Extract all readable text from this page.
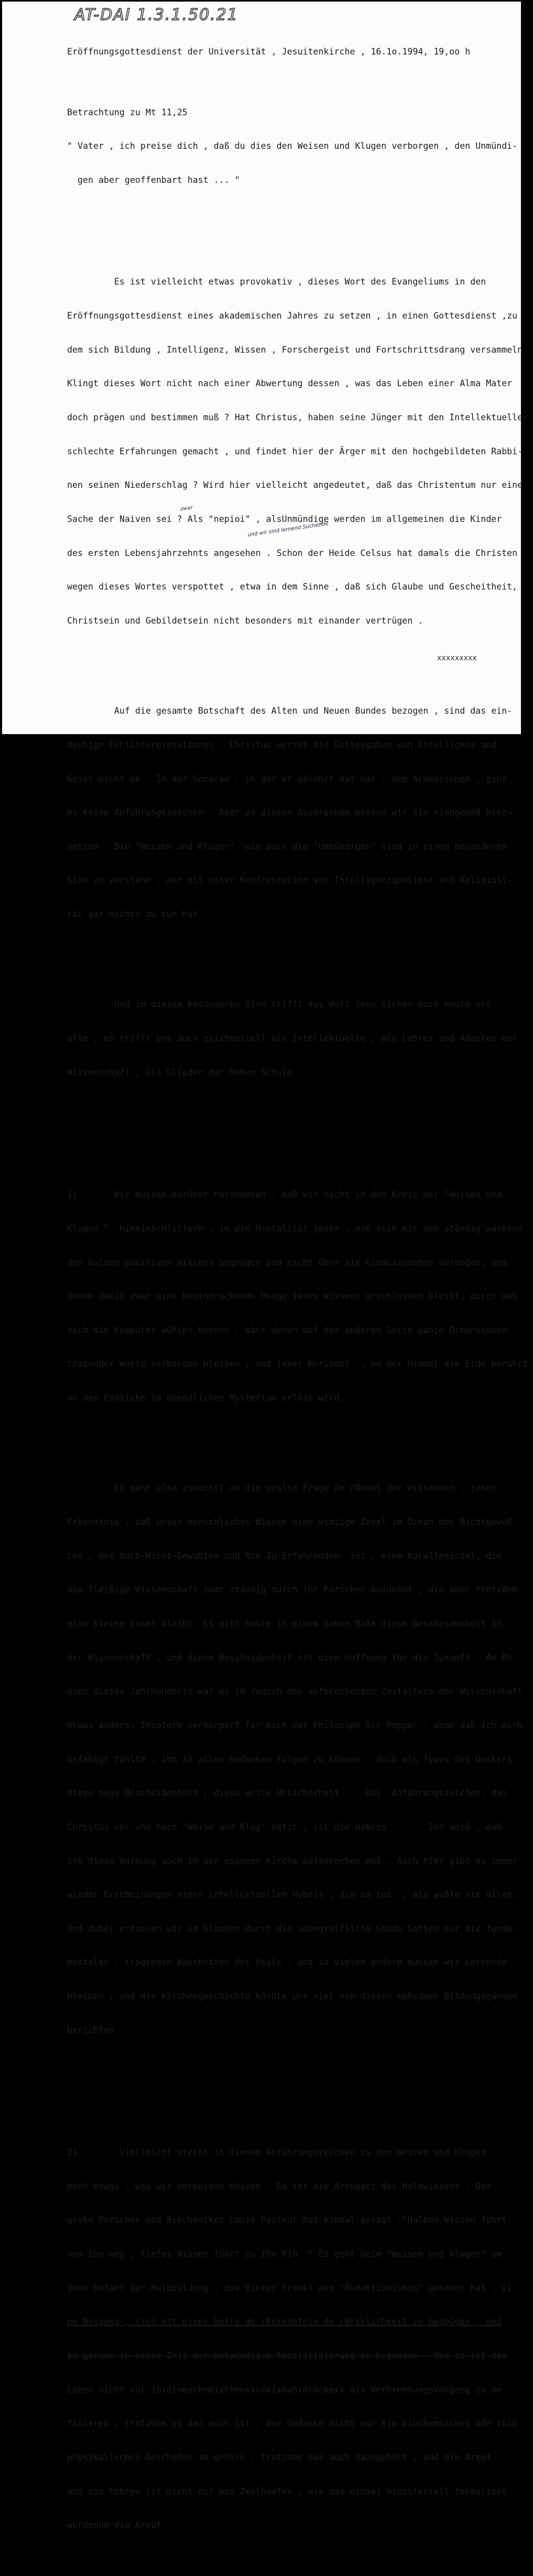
AT-DAI 1.3.1.50.21

Eröffnungsgottesdienst der Universität , Jesuitenkirche , 16.1o.1994, 19,oo h

Betrachtung zu Mt 11,25

" Vater , ich preise dich , daß du dies den Weisen und Klugen verborgen , den Unmündi-

gen aber geoffenbart hast ... "

Es ist vielleicht etwas provokativ , dieses Wort des Evangeliums in den

Eröffnungsgottesdienst eines akademischen Jahres zu setzen , in einen Gottesdienst ,zu

dem sich Bildung , Intelligenz, Wissen , Forschergeist und Fortschrittsdrang versammeln.

Klingt dieses Wort nicht nach einer Abwertung dessen , was das Leben einer Alma Mater

doch prägen und bestimmen muß ? Hat Christus, haben seine Jünger mit den Intellektueller

schlechte Erfahrungen gemacht , und findet hier der Ärger mit den hochgebildeten Rabbi-

nen seinen Niederschlag ? Wird hier vielleicht angedeutet, daß das Christentum nur eine

Sache der Naiven sei ? Als "nepioi" , alsUnmündige werden im allgemeinen die Kinder

des ersten Lebensjahrzehnts angesehen . Schon der Heide Celsus hat damals die Christen

wegen dieses Wortes verspottet , etwa in dem Sinne , daß sich Glaube und Gescheitheit,

Christsein und Gebildetsein nicht besonders mit einander vertrügen .

Auf die gesamte Botschaft des Alten und Neuen Bundes bezogen , sind das ein-

deutige Fehlinterpretationen . Christus wertet die Gottesgaben von Intelligenz und

Geist nicht ab . In der Sprache , in der er gelehrt hat hat , dem Aramäischen , gibt

es keine Anführungszeichen . Aber zu diesen Ausdrücken müssen wir sie sinngemäß hinzu-

setzen : Die "Weisen und Klugen"  wie auch die "Unmündigen" sind in einem besonderen

Sinn zu verstehn , der mit einer Konfrontation von Intelligenzquotient und Religiosi-

tät gar nichts zu tun hat .

Und in diesem besonderen Sinn trifft das Wort Jesu sicher auch heute uns

alle , es trifft uns auch existentiell als Intellektuelle , als Lehrer und Adepten der

Wissenschaft , als Glieder der Hohen Schule .

1)       Wir müssen darüber nachdenken , daß wir nicht in den Kreis der "Weisen und

Klugen "  hineinschlittern , in die Mentalität jener , die sich mit den ständig wachsen

den Halden positiven Wissens begnügen und nicht über sie hinauszusehen vermögen, und

denen damit zwar eine beeindruckende Menge jenes Wissens erschlossen bleibt, durch das

sich die Komputer wühlen können , aber denen auf der anderen Seite ganze Dimensionen

tragender Werte verborgen bleiben , und jener Horizont  , wo der Himmel die Erde berührt.

wo das Endliche im Unendlichen Mysterium erlöst wird.

Es geht also zunächst um die uralte Frage de rDemut der Wissenden , jener

Erkenntnis , daß unser menschliches Wissen eine winzige Insel im Ozean des Nichtgewuß-

ten , des Noch-Nicht-Gewußten und Nie-Zu-Erfahrenden  ist , eine Koralleninsel, die

die fleißige Wissenschaft zwar ständig durch ihr Forschen ausdehnt , die aber trotzdem

eine kleine Insel bleibt. Es gibt heute in einem hohen Maße diese Bescheidenheit in

der Wissenschaft , und diese Bescheidenheit ist eine Hoffnung für die Zukunft . Am Be-

ginn dieses Jahrhunderts war es im rausch des aufbrechenden Zeitalters der Wissenschaft

etwas anders. Insofern verkörpert für mich der Philosoph Sir Popper - ohne daß ich mich

befähigt fühlte , ihm in allen Gedanken folgen zu können , doch als Typus des Denkers

diese neue Bescheidenheit , diese weise Unsicherheit .   Das  Anführungszeichen, das

Christus vor und nach "Weise und Klug" setzt , ist die Hybris .      Ich weiß , daß

ich diese Warnung auch in der eigenen Kirche aussprechen muß . Auch hier gibt es immer

wieder Erscheinungen einer intellektuellen Hybris , die so tut  , als wüßte sie alles.

Und dabei erfassen wir im Glauben durch die unbegreifliche Gnade Gottes nur die funda-

mentalen , tragenden Wahrheiten des Heils , und in vielem andere müssen wir Lernende

bleiben , und die Kirchengeschichte könnte uns viel von diesen mühsamen Bildungsgängen

berichten .

2)        Vielleicht steckt in diesem Anführungszeichen zu den Weisen und Klugen

noch etwas , was wir vermeiden müssen . Es ist die Arroganz des Halbwissens . Der

große Forscher und Biochemiker Louis Pasteur hat einmal gesagt :"Halbes Wissen führt

von Ihm weg , tiefes Wissen führt zu Ihm hin ." Es geht beim "Weisen und klugen" um

jene Gefahr der Halbbildung , die Viktor Frankl den "Reduktionismus" genannt hat , ei-

ne Neigung , sich mit einer Seite de rErkenntnis de rWriklichkeit zu begnügen , und

so gerade in einer Zeit der notwendigen Spezialisierung zu begnügen . Und so ist das

Leben nicht nur inxeinexchemischenxkxmxixnanxdrückexx als Verbrennungsvorgang zu de-

finieren , trotzdem es das auch ist , der Gedanke nicht nur ein biochemsiches ode rbio

physikalisches Geschehen im gehirn , trotzdem das auch dazugehört , und die Armut

und ein Embryo ist nicht nur ein Zellhaufen , wie das einmal ministeriell formuliert

wurdeund die Armut

zwar
und wir sind lernend Suchende
xxxxxxxxx
